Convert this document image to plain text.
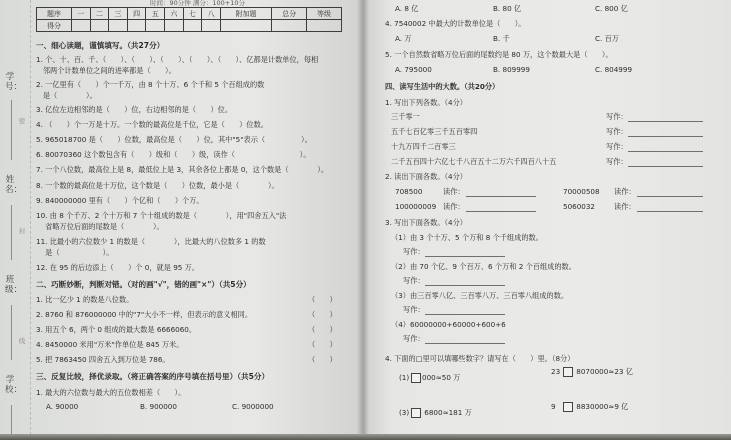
学号：
姓名：
班级：
学校：
密
封
线
时间：90分钟 满分：100+10分
题序	一	二	三	四	五	六	七	八	附加题	总分	等级
得分											
一、细心读题，谨慎填写。（共27分）
1. 个、十、百、千、（　　）、（　　）、（　　）、（　　）、（　　）、亿都是计数单位，每相
邻两个计数单位之间的进率都是（　　）。
2. 一亿里有（　　）个一千万，由 8 个十万、6 个千和 5 个百组成的数
是（　　　　）。
3. 亿位左边相邻的是（　　）位，右边相邻的是（　　）位。
4. （　　）个一万是十万。一个数的最高位是千位，它是（　　）位数。
5. 965018700 是（　　）位数，最高位是（　　）位，其中"5"表示（　　　　　）。
6. 80070360 这个数包含有（　　）级和（　　）级，读作（　　　　　　　　　）。
7. 一个八位数，最高位上是 8，最低位上是 3，其余各位上都是 0，这个数是（　　　　）。
8. 一个数的最高位是十万位，这个数是（　　）位数，最小是（　　　　）。
9. 840000000 里有（　　）个亿和（　　）个万。
10. 由 8 个千万、2 个十万和 7 个十组成的数是（　　　　），用"四舍五入"法
省略万位后面的尾数是（　　　　）。
11. 比最小的六位数少 1 的数是（　　　　），比最大的八位数多 1 的数
是（　　　　　　）。
12. 在 95 的后边添上（　　）个 0，就是 95 万。
二、巧断妙断，判断对错。（对的画"√"，错的画"×"）（共5分）
1. 比一亿少 1 的数是八位数。	（　　）
2. 8760 和 876000000 中的"7"大小不一样，但表示的意义相同。	（　　）
3. 用五个 6，两个 0 组成的最大数是 6666060。	（　　）
4. 8450000 米用"万米"作单位是 845 万米。	（　　）
5. 把 7863450 四舍五入到万位是 786。	（　　）
三、反复比较，择优录取。（将正确答案的序号填在括号里）（共5分）
1. 最大的六位数与最大的五位数相差（　　）。
A. 90000	B. 900000	C. 9000000
A. 8 亿	B. 80 亿	C. 800 亿
4. 7540002 中最大的计数单位是（　　）。
A. 万	B. 千	C. 百万
5. 一个自然数省略万位后面的尾数约是 80 万，这个数最大是（　　）。
A. 795000	B. 809999	C. 804999
四、读写生活中的大数。（共20分）
1. 写出下列各数。（4分）
三千零一	写作：
五千七百亿零三千五百零四	写作：
十九万四千二百零三	写作：
二千五百四十六亿七千八百五十二万六千四百八十五	写作：
2. 读出下面各数。（4分）
708500	读作：	70000508 读作：
100000009 读作：	5060032	读作：
3. 写出下面各数。（4分）
（1）由 3 个十万、5 个万和 8 个千组成的数。
写作：
（2）由 70 个亿、9 个百万、6 个万和 2 个百组成的数。
写作：
（3）由三百零八亿、三百零八万、三百零八组成的数。
写作：
（4）60000000+60000+600+6
写作：
4. 下面的□里可以填哪些数字？请写在（　　）里。（8分）
(1) 000≈50 万
23 8070000≈23 亿
(3) 6800≈181 万
9 8830000≈9 亿
